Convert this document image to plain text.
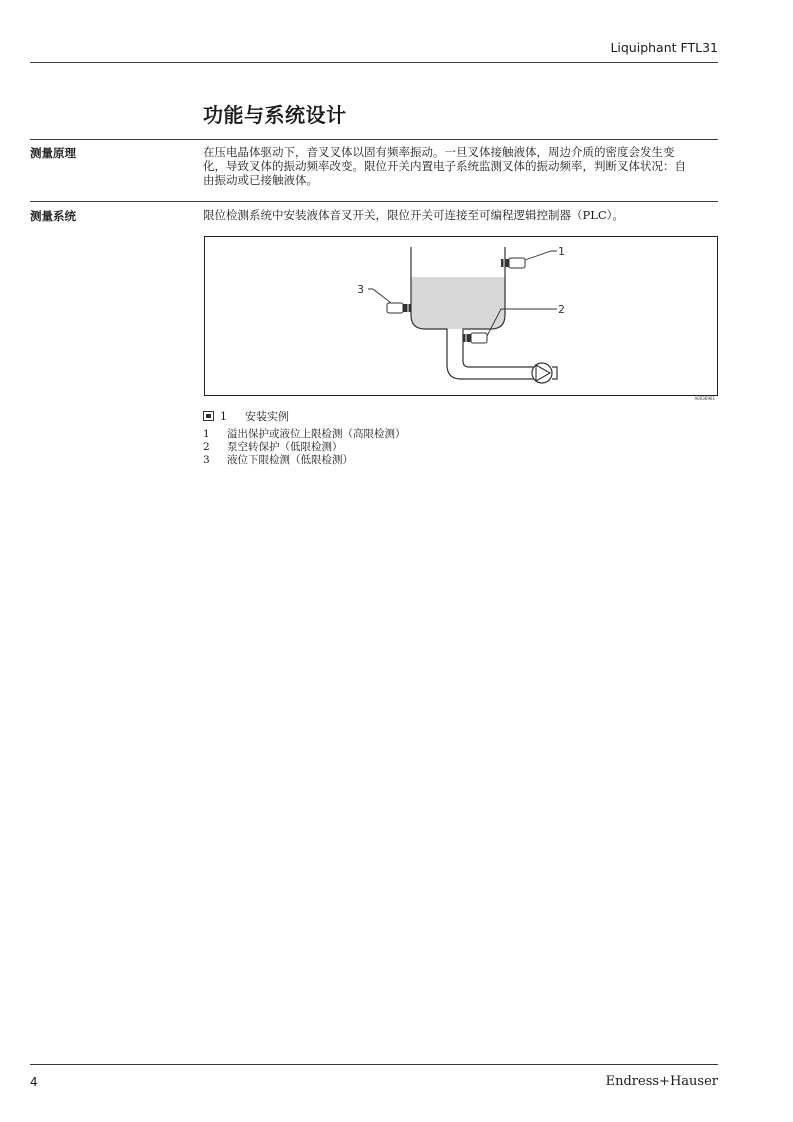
Liquiphant FTL31
功能与系统设计
测量原理	在压电晶体驱动下，音叉叉体以固有频率振动。一旦叉体接触液体，周边介质的密度会发生变
化，导致叉体的振动频率改变。限位开关内置电子系统监测叉体的振动频率，判断叉体状况：自
由振动或已接触液体。
测量系统	限位检测系统中安装液体音叉开关，限位开关可连接至可编程逻辑控制器（PLC）。
1
2
3
A0036961
1 安装实例
1	溢出保护或液位上限检测（高限检测）
2	泵空转保护（低限检测）
3	液位下限检测（低限检测）
4	Endress+Hauser
